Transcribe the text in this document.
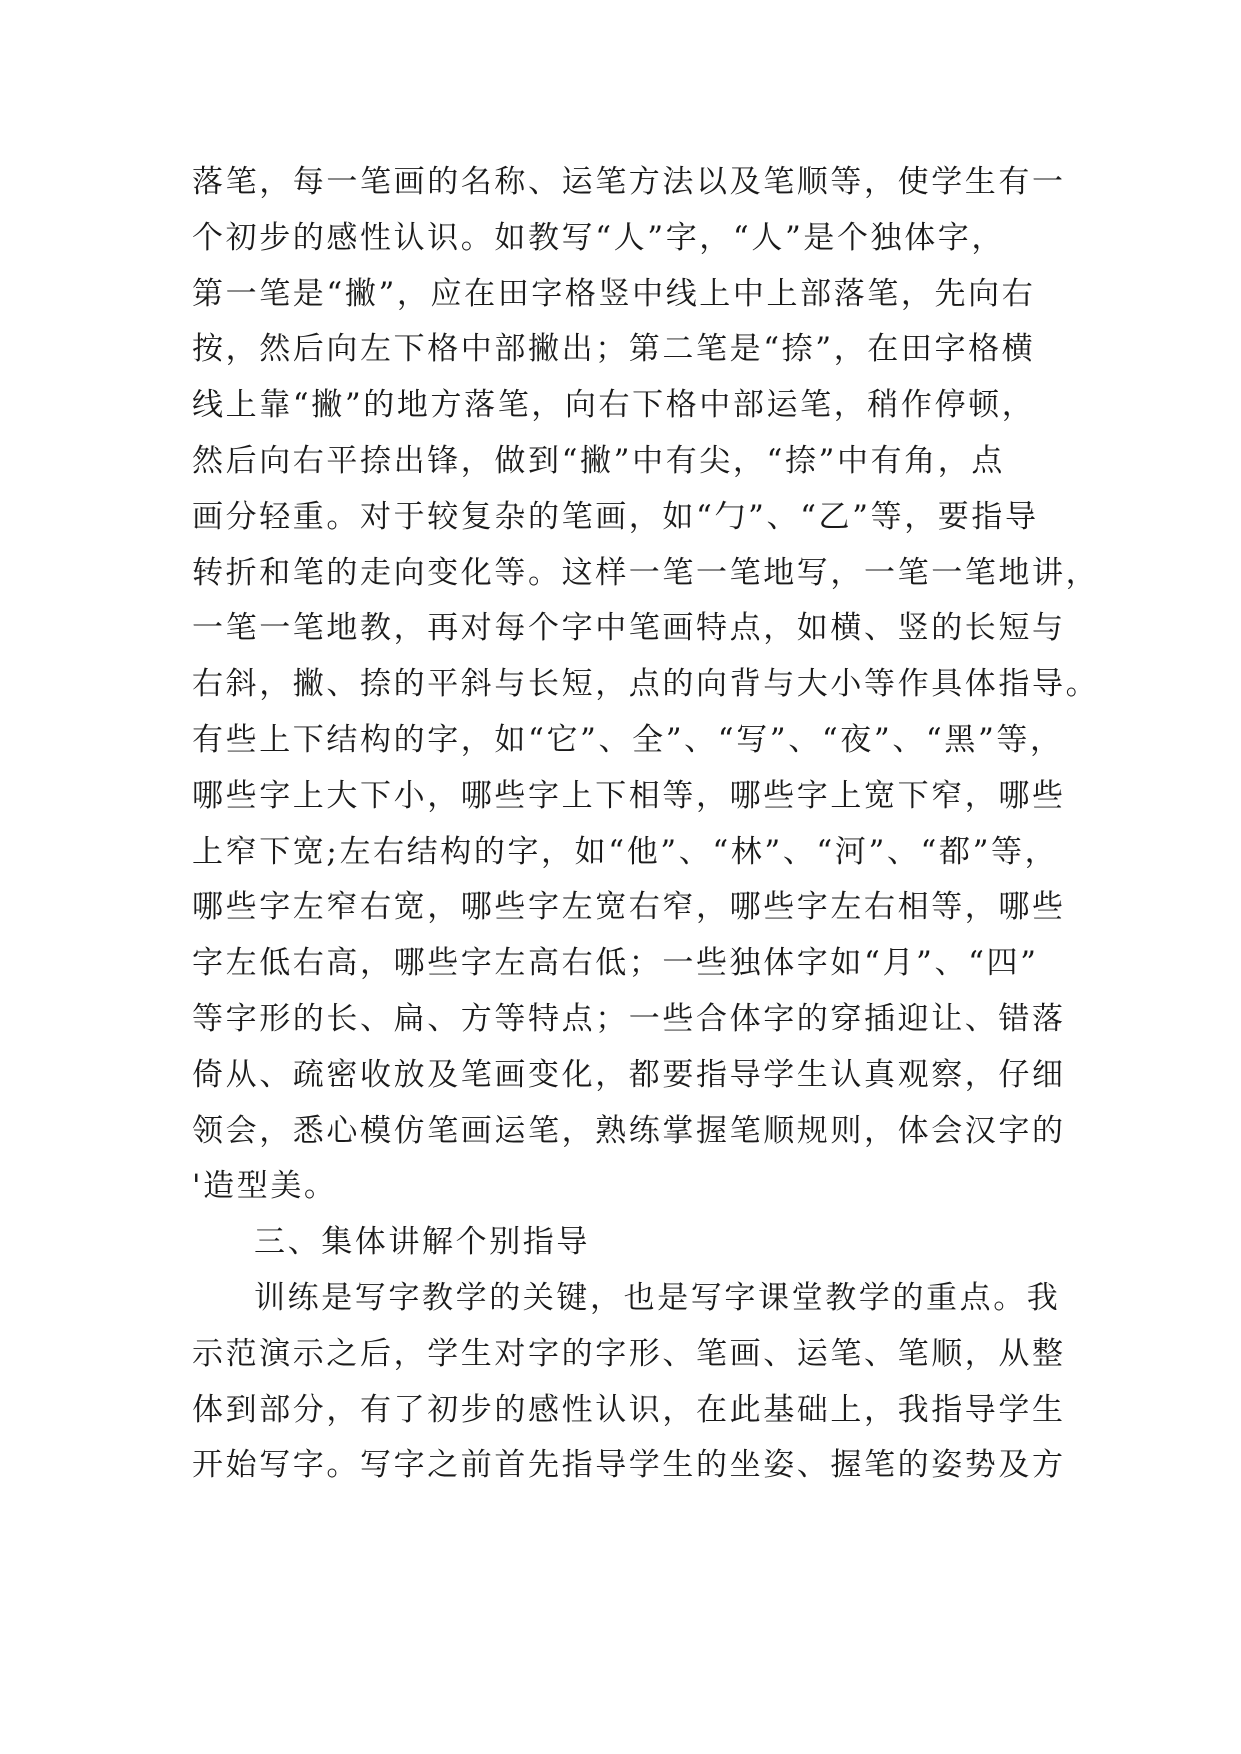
落笔，每一笔画的名称、运笔方法以及笔顺等，使学生有一
个初步的感性认识。如教写“人”字，“人”是个独体字，
第一笔是“撇”，应在田字格竖中线上中上部落笔，先向右
按，然后向左下格中部撇出；第二笔是“捺”，在田字格横
线上靠“撇”的地方落笔，向右下格中部运笔，稍作停顿，
然后向右平捺出锋，做到“撇”中有尖，“捺”中有角，点
画分轻重。对于较复杂的笔画，如“勹”、“乙”等，要指导
转折和笔的走向变化等。这样一笔一笔地写，一笔一笔地讲，
一笔一笔地教，再对每个字中笔画特点，如横、竖的长短与
右斜，撇、捺的平斜与长短，点的向背与大小等作具体指导。
有些上下结构的字，如“它”、全”、“写”、“夜”、“黑”等，
哪些字上大下小，哪些字上下相等，哪些字上宽下窄，哪些
上窄下宽;左右结构的字，如“他”、“林”、“河”、“都”等，
哪些字左窄右宽，哪些字左宽右窄，哪些字左右相等，哪些
字左低右高，哪些字左高右低；一些独体字如“月”、“四”
等字形的长、扁、方等特点；一些合体字的穿插迎让、错落
倚从、疏密收放及笔画变化，都要指导学生认真观察，仔细
领会，悉心模仿笔画运笔，熟练掌握笔顺规则，体会汉字的
'造型美。
三、集体讲解个别指导
训练是写字教学的关键，也是写字课堂教学的重点。我
示范演示之后，学生对字的字形、笔画、运笔、笔顺，从整
体到部分，有了初步的感性认识，在此基础上，我指导学生
开始写字。写字之前首先指导学生的坐姿、握笔的姿势及方
